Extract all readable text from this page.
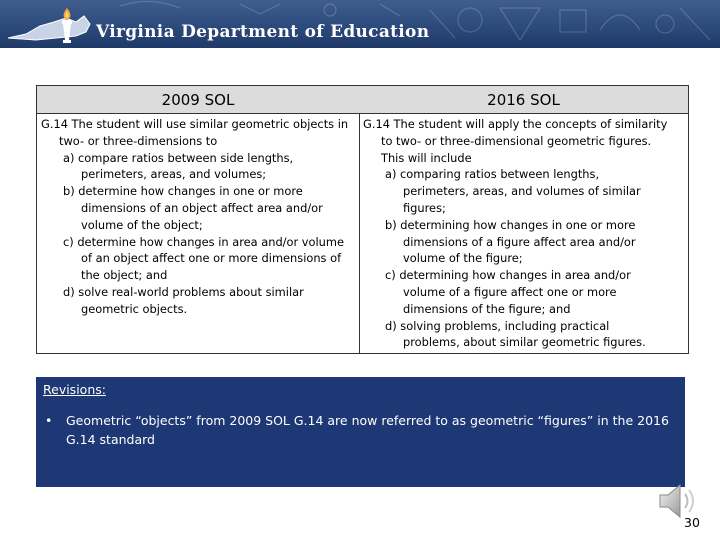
Virginia Department of Education
2009 SOL

G.14 The student will use similar geometric objects in
two- or three-dimensions to

a) compare ratios between side lengths,
perimeters, areas, and volumes;

b) determine how changes in one or more
dimensions of an object affect area and/or
volume of the object;

c) determine how changes in area and/or volume
of an object affect one or more dimensions of
the object; and

d) solve real-world problems about similar
geometric objects.

2016 SOL

G.14 The student will apply the concepts of similarity
to two- or three-dimensional geometric figures.
This will include

a) comparing ratios between lengths,
perimeters, areas, and volumes of similar
figures;

b) determining how changes in one or more
dimensions of a figure affect area and/or
volume of the figure;

c) determining how changes in area and/or
volume of a figure affect one or more
dimensions of the figure; and

d) solving problems, including practical
problems, about similar geometric figures.

Revisions:
• Geometric “objects” from 2009 SOL G.14 are now referred to as geometric “figures” in the 2016 G.14 standard
30
